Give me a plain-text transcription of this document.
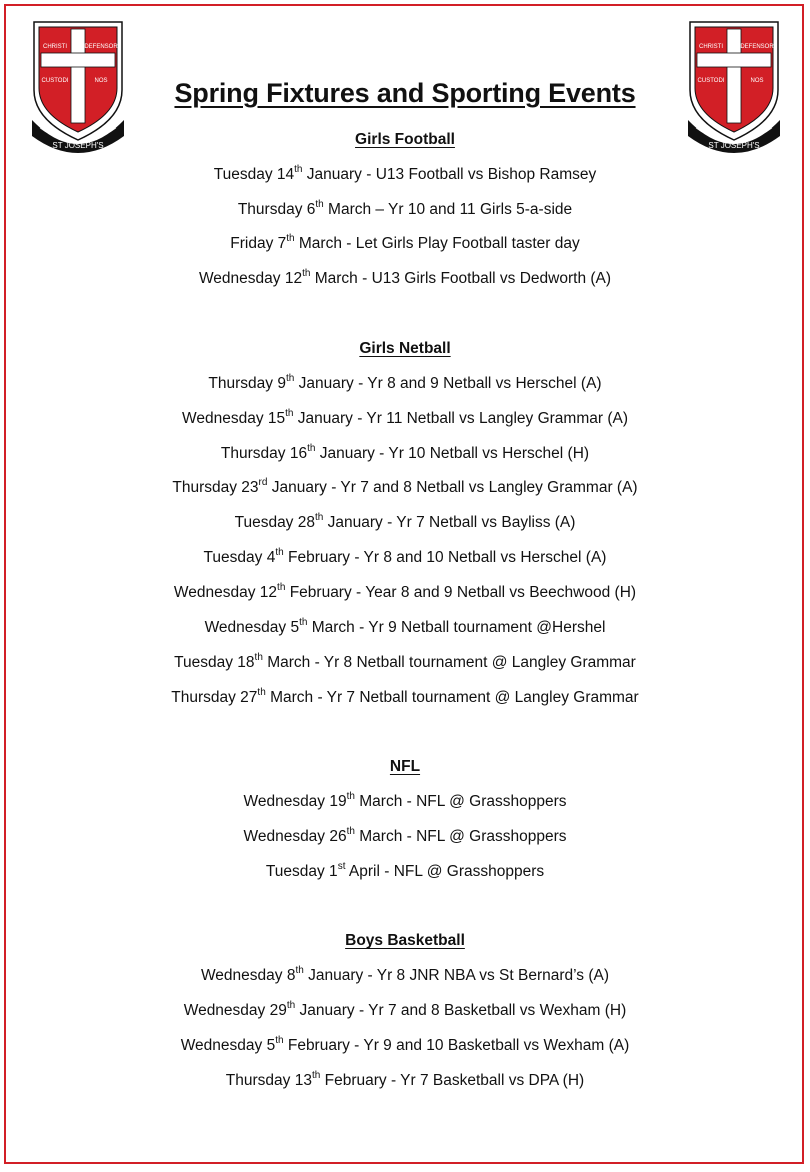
CHRISTI	DEFENSOR
CUSTODI	NOS
ST JOSEPH'S
CHRISTI	DEFENSOR
CUSTODI	NOS
ST JOSEPH'S
Spring Fixtures and Sporting Events
Girls Football
Tuesday 14th January - U13 Football vs Bishop Ramsey
Thursday 6th March – Yr 10 and 11 Girls 5-a-side
Friday 7th March - Let Girls Play Football taster day
Wednesday 12th March - U13 Girls Football vs Dedworth (A)
Girls Netball
Thursday 9th January - Yr 8 and 9 Netball vs Herschel (A)
Wednesday 15th January - Yr 11 Netball vs Langley Grammar (A)
Thursday 16th January - Yr 10 Netball vs Herschel (H)
Thursday 23rd January - Yr 7 and 8 Netball vs Langley Grammar (A)
Tuesday 28th January - Yr 7 Netball vs Bayliss (A)
Tuesday 4th February - Yr 8 and 10 Netball vs Herschel (A)
Wednesday 12th February - Year 8 and 9 Netball vs Beechwood (H)
Wednesday 5th March - Yr 9 Netball tournament @Hershel
Tuesday 18th March - Yr 8 Netball tournament @ Langley Grammar
Thursday 27th March - Yr 7 Netball tournament @ Langley Grammar
NFL
Wednesday 19th March - NFL @ Grasshoppers
Wednesday 26th March - NFL @ Grasshoppers
Tuesday 1st April - NFL @ Grasshoppers
Boys Basketball
Wednesday 8th January - Yr 8 JNR NBA vs St Bernard’s (A)
Wednesday 29th January - Yr 7 and 8 Basketball vs Wexham (H)
Wednesday 5th February - Yr 9 and 10 Basketball vs Wexham (A)
Thursday 13th February - Yr 7 Basketball vs DPA (H)
